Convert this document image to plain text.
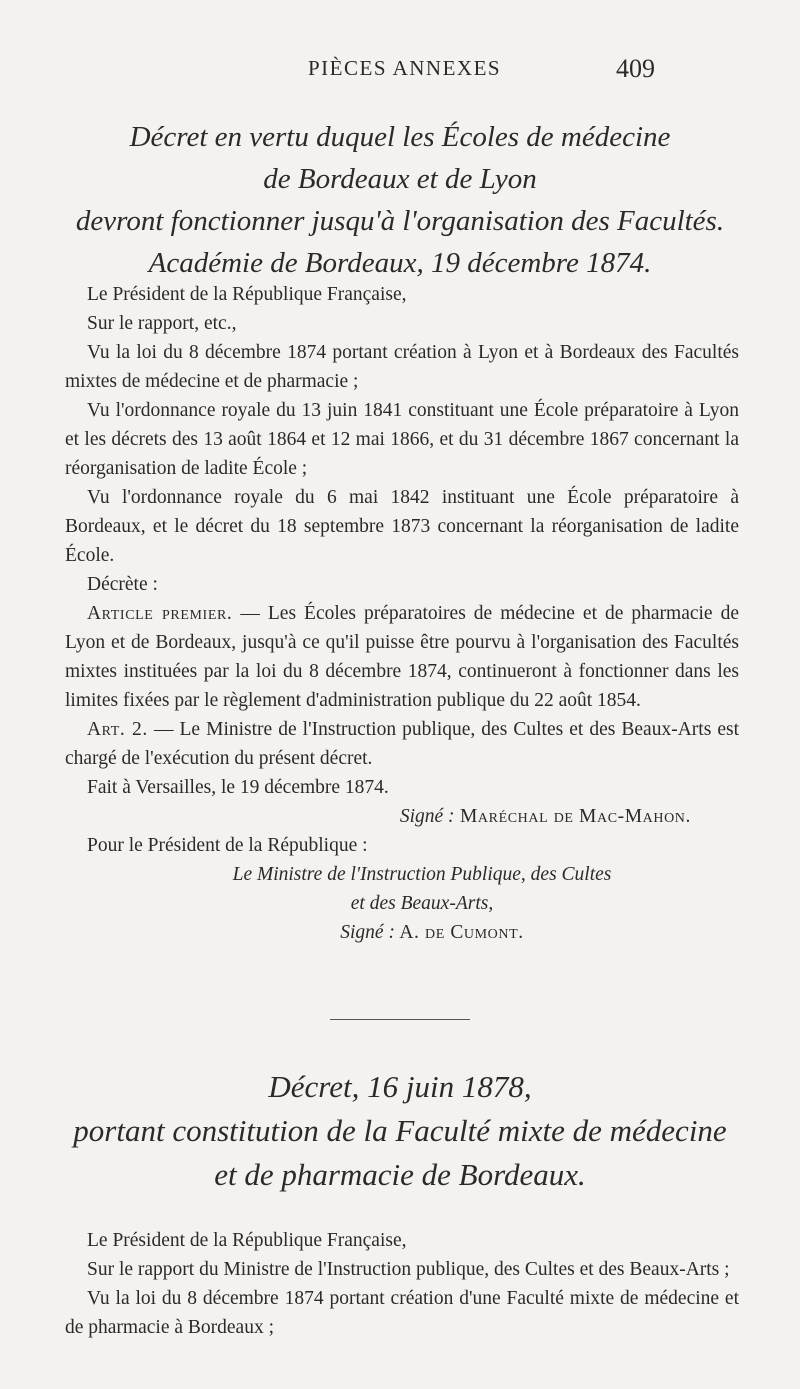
PIÈCES ANNEXES	409
Décret en vertu duquel les Écoles de médecine
de Bordeaux et de Lyon
devront fonctionner jusqu'à l'organisation des Facultés.
Académie de Bordeaux, 19 décembre 1874.

Le Président de la République Française,

Sur le rapport, etc.,

Vu la loi du 8 décembre 1874 portant création à Lyon et à Bordeaux des Facultés mixtes de médecine et de pharmacie ;

Vu l'ordonnance royale du 13 juin 1841 constituant une École préparatoire à Lyon et les décrets des 13 août 1864 et 12 mai 1866, et du 31 décembre 1867 concernant la réorganisation de ladite École ;

Vu l'ordonnance royale du 6 mai 1842 instituant une École préparatoire à Bordeaux, et le décret du 18 septembre 1873 concernant la réorganisation de ladite École.

Décrète :

Article premier. — Les Écoles préparatoires de médecine et de pharmacie de Lyon et de Bordeaux, jusqu'à ce qu'il puisse être pourvu à l'organisation des Facultés mixtes instituées par la loi du 8 décembre 1874, continueront à fonctionner dans les limites fixées par le règlement d'administration publique du 22 août 1854.

Art. 2. — Le Ministre de l'Instruction publique, des Cultes et des Beaux-Arts est chargé de l'exécution du présent décret.

Fait à Versailles, le 19 décembre 1874.

Signé : Maréchal de Mac-Mahon.

Pour le Président de la République :

Le Ministre de l'Instruction Publique, des Cultes

et des Beaux-Arts,

Signé : A. de Cumont.

Décret, 16 juin 1878,
portant constitution de la Faculté mixte de médecine
et de pharmacie de Bordeaux.

Le Président de la République Française,

Sur le rapport du Ministre de l'Instruction publique, des Cultes et des Beaux-Arts ;

Vu la loi du 8 décembre 1874 portant création d'une Faculté mixte de médecine et de pharmacie à Bordeaux ;
